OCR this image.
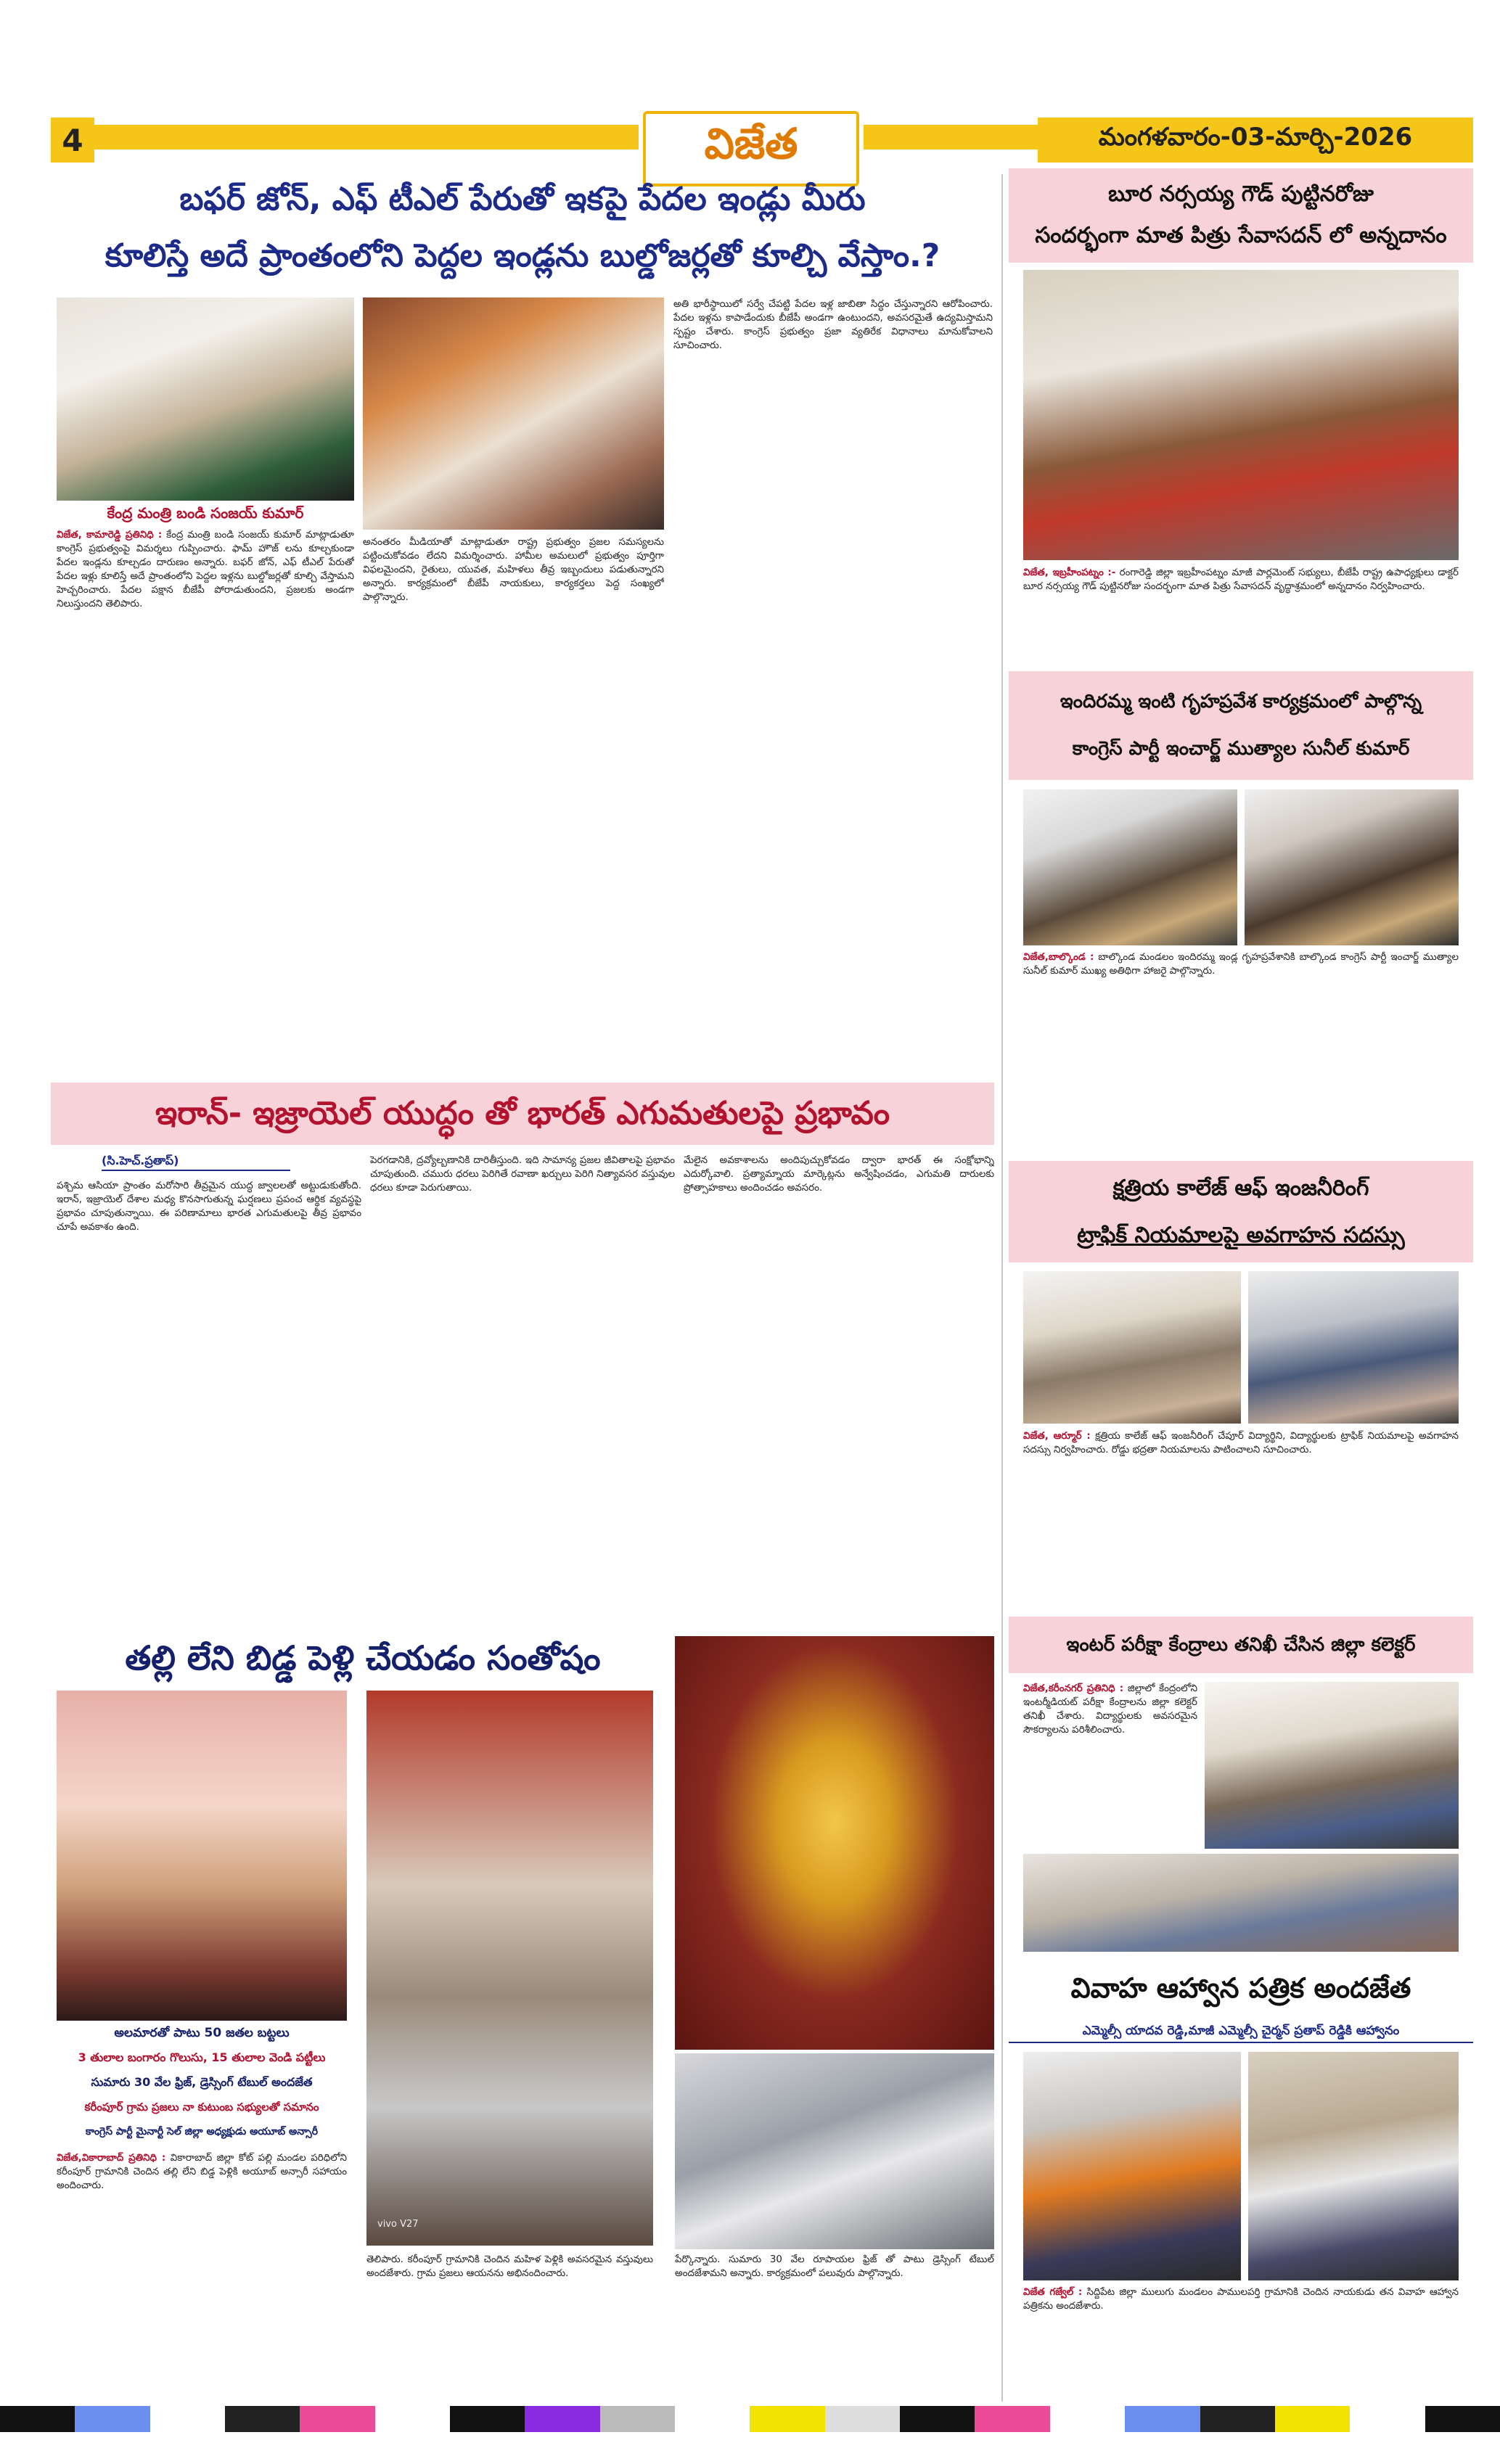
4	విజేత	మంగళవారం-03-మార్చి-2026
బఫర్ జోన్, ఎఫ్ టీఎల్ పేరుతో ఇకపై పేదల ఇండ్లు మీరు
కూలిస్తే అదే ప్రాంతంలోని పెద్దల ఇండ్లను బుల్డోజర్లతో కూల్చి వేస్తాం.?
కేంద్ర మంత్రి బండి సంజయ్ కుమార్
విజేత, కామారెడ్డి ప్రతినిధి : కేంద్ర మంత్రి బండి సంజయ్ కుమార్ మాట్లాడుతూ కాంగ్రెస్ ప్రభుత్వంపై విమర్శలు గుప్పించారు. ఫామ్ హౌజ్ లను కూల్చకుండా పేదల ఇండ్లను కూల్చడం దారుణం అన్నారు. బఫర్ జోన్, ఎఫ్ టీఎల్ పేరుతో పేదల ఇళ్లు కూలిస్తే అదే ప్రాంతంలోని పెద్దల ఇళ్లను బుల్డోజర్లతో కూల్చి వేస్తామని హెచ్చరించారు. పేదల పక్షాన బీజేపీ పోరాడుతుందని, ప్రజలకు అండగా నిలుస్తుందని తెలిపారు.
అనంతరం మీడియాతో మాట్లాడుతూ రాష్ట్ర ప్రభుత్వం ప్రజల సమస్యలను పట్టించుకోవడం లేదని విమర్శించారు. హామీల అమలులో ప్రభుత్వం పూర్తిగా విఫలమైందని, రైతులు, యువత, మహిళలు తీవ్ర ఇబ్బందులు పడుతున్నారని అన్నారు. కార్యక్రమంలో బీజేపీ నాయకులు, కార్యకర్తలు పెద్ద సంఖ్యలో పాల్గొన్నారు.
అతి భారీస్థాయిలో సర్వే చేపట్టి పేదల ఇళ్ల జాబితా సిద్ధం చేస్తున్నారని ఆరోపించారు. పేదల ఇళ్లను కాపాడేందుకు బీజేపీ అండగా ఉంటుందని, అవసరమైతే ఉద్యమిస్తామని స్పష్టం చేశారు. కాంగ్రెస్ ప్రభుత్వం ప్రజా వ్యతిరేక విధానాలు మానుకోవాలని సూచించారు.
ఇరాన్- ఇజ్రాయెల్ యుద్ధం తో భారత్ ఎగుమతులపై ప్రభావం
(సి.హెచ్.ప్రతాప్)
పశ్చిమ ఆసియా ప్రాంతం మరోసారి తీవ్రమైన యుద్ధ జ్వాలలతో అట్టుడుకుతోంది. ఇరాన్, ఇజ్రాయెల్ దేశాల మధ్య కొనసాగుతున్న ఘర్షణలు ప్రపంచ ఆర్థిక వ్యవస్థపై ప్రభావం చూపుతున్నాయి. ఈ పరిణామాలు భారత ఎగుమతులపై తీవ్ర ప్రభావం చూపే అవకాశం ఉంది.
పెరగడానికి, ద్రవ్యోల్బణానికి దారితీస్తుంది. ఇది సామాన్య ప్రజల జీవితాలపై ప్రభావం చూపుతుంది. చమురు ధరలు పెరిగితే రవాణా ఖర్చులు పెరిగి నిత్యావసర వస్తువుల ధరలు కూడా పెరుగుతాయి.
మేలైన అవకాశాలను అందిపుచ్చుకోవడం ద్వారా భారత్ ఈ సంక్షోభాన్ని ఎదుర్కోవాలి. ప్రత్యామ్నాయ మార్కెట్లను అన్వేషించడం, ఎగుమతి దారులకు ప్రోత్సాహకాలు అందించడం అవసరం.
తల్లి లేని బిడ్డ పెళ్లి చేయడం సంతోషం
vivo V27
అలమారతో పాటు 50 జతల బట్టలు
3 తులాల బంగారం గొలుసు, 15 తులాల వెండి పట్టీలు
సుమారు 30 వేల ఫ్రిజ్, డ్రెస్సింగ్ టేబుల్ అందజేత
కరీంపూర్ గ్రామ ప్రజలు నా కుటుంబ సభ్యులతో సమానం
కాంగ్రెస్ పార్టీ మైనార్టీ సెల్ జిల్లా అధ్యక్షుడు అయూబ్ అన్సారీ
విజేత,వికారాబాద్ ప్రతినిధి : వికారాబాద్ జిల్లా కోట్ పల్లి మండల పరిధిలోని కరీంపూర్ గ్రామానికి చెందిన తల్లి లేని బిడ్డ పెళ్లికి అయూబ్ అన్సారీ సహాయం అందించారు.
తెలిపారు. కరీంపూర్ గ్రామానికి చెందిన మహిళ పెళ్లికి అవసరమైన వస్తువులు అందజేశారు. గ్రామ ప్రజలు ఆయనను అభినందించారు.
పేర్కొన్నారు. సుమారు 30 వేల రూపాయల ఫ్రిజ్ తో పాటు డ్రెస్సింగ్ టేబుల్ అందజేశామని అన్నారు. కార్యక్రమంలో పలువురు పాల్గొన్నారు.
బూర నర్సయ్య గౌడ్ పుట్టినరోజు
సందర్భంగా మాత పిత్రు సేవాసదన్ లో అన్నదానం
విజేత, ఇబ్రహీంపట్నం :- రంగారెడ్డి జిల్లా ఇబ్రహీంపట్నం మాజీ పార్లమెంట్ సభ్యులు, బీజేపీ రాష్ట్ర ఉపాధ్యక్షులు డాక్టర్ బూర నర్సయ్య గౌడ్ పుట్టినరోజు సందర్భంగా మాత పిత్రు సేవాసదన్ వృద్ధాశ్రమంలో అన్నదానం నిర్వహించారు.
ఇందిరమ్మ ఇంటి గృహప్రవేశ కార్యక్రమంలో పాల్గొన్న
కాంగ్రెస్ పార్టీ ఇంచార్జ్ ముత్యాల సునీల్ కుమార్
విజేత,బాల్కొండ : బాల్కొండ మండలం ఇందిరమ్మ ఇండ్ల గృహప్రవేశానికి బాల్కొండ కాంగ్రెస్ పార్టీ ఇంచార్జ్ ముత్యాల సునీల్ కుమార్ ముఖ్య అతిథిగా హాజరై పాల్గొన్నారు.
క్షత్రియ కాలేజ్ ఆఫ్ ఇంజనీరింగ్
ట్రాఫిక్ నియమాలపై అవగాహన సదస్సు
విజేత, ఆర్మూర్ : క్షత్రియ కాలేజ్ ఆఫ్ ఇంజనీరింగ్ చేపూర్ విద్యార్థిని, విద్యార్థులకు ట్రాఫిక్ నియమాలపై అవగాహన సదస్సు నిర్వహించారు. రోడ్డు భద్రతా నియమాలను పాటించాలని సూచించారు.
ఇంటర్ పరీక్షా కేంద్రాలు తనిఖీ చేసిన జిల్లా కలెక్టర్
విజేత,కరీంనగర్ ప్రతినిధి : జిల్లాలో కేంద్రంలోని ఇంటర్మీడియట్ పరీక్షా కేంద్రాలను జిల్లా కలెక్టర్ తనిఖీ చేశారు. విద్యార్థులకు అవసరమైన సౌకర్యాలను పరిశీలించారు.
వివాహ ఆహ్వాన పత్రిక అందజేత
ఎమ్మెల్సీ యాదవ రెడ్డి,మాజీ ఎమ్మెల్సీ చైర్మన్ ప్రతాప్ రెడ్డికి ఆహ్వానం
విజేత గజ్వేల్ : సిద్దిపేట జిల్లా ములుగు మండలం పాములపర్తి గ్రామానికి చెందిన నాయకుడు తన వివాహ ఆహ్వాన పత్రికను అందజేశారు.
